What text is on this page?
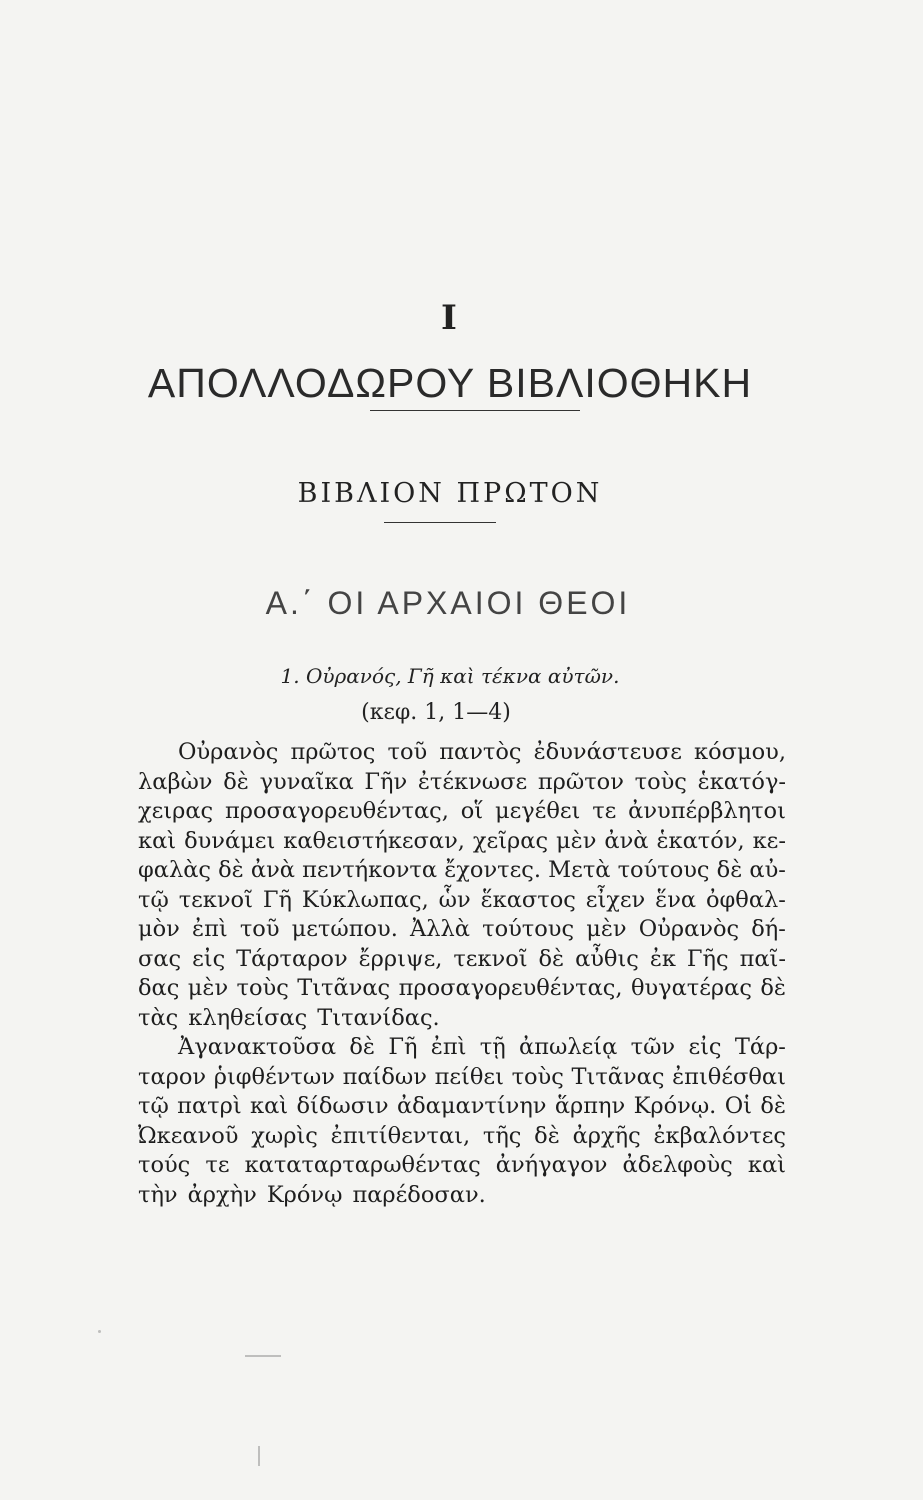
I
ΑΠΟΛΛΟΔΩΡΟΥ ΒΙΒΛΙΟΘΗΚΗ
ΒΙΒΛΙΟΝ ΠΡΩΤΟΝ
Α.΄ ΟΙ ΑΡΧΑΙΟΙ ΘΕΟΙ
1. Οὐρανός, Γῆ καὶ τέκνα αὐτῶν.
(κεφ. 1, 1—4)
Οὐρανὸς πρῶτος τοῦ παντὸς ἐδυνάστευσε κόσμου,
λαβὼν δὲ γυναῖκα Γῆν ἐτέκνωσε πρῶτον τοὺς ἑκατόγ-
χειρας προσαγορευθέντας, οἵ μεγέθει τε ἀνυπέρβλητοι
καὶ δυνάμει καθειστήκεσαν, χεῖρας μὲν ἀνὰ ἑκατόν, κε-
φαλὰς δὲ ἀνὰ πεντήκοντα ἔχοντες. Μετὰ τούτους δὲ αὐ-
τῷ τεκνοῖ Γῆ Κύκλωπας, ὧν ἕκαστος εἶχεν ἕνα ὀφθαλ-
μὸν ἐπὶ τοῦ μετώπου. Ἀλλὰ τούτους μὲν Οὐρανὸς δή-
σας εἰς Τάρταρον ἔρριψε, τεκνοῖ δὲ αὖθις ἐκ Γῆς παῖ-
δας μὲν τοὺς Τιτᾶνας προσαγορευθέντας, θυγατέρας δὲ
τὰς κληθείσας Τιτανίδας.
Ἀγανακτοῦσα δὲ Γῆ ἐπὶ τῇ ἀπωλείᾳ τῶν εἰς Τάρ-
ταρον ῥιφθέντων παίδων πείθει τοὺς Τιτᾶνας ἐπιθέσθαι
τῷ πατρὶ καὶ δίδωσιν ἀδαμαντίνην ἅρπην Κρόνῳ. Οἱ δὲ
Ὠκεανοῦ χωρὶς ἐπιτίθενται, τῆς δὲ ἀρχῆς ἐκβαλόντες
τούς τε καταταρταρωθέντας ἀνήγαγον ἀδελφοὺς καὶ
τὴν ἀρχὴν Κρόνῳ παρέδοσαν.
